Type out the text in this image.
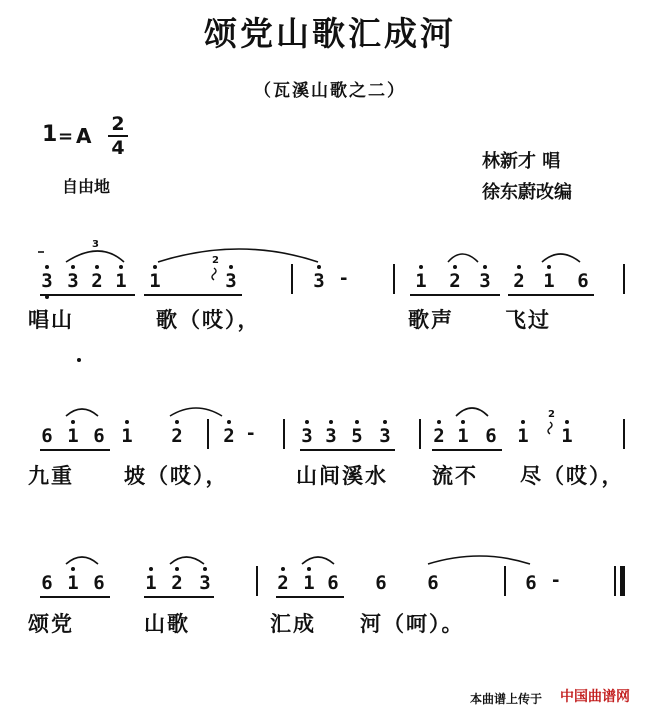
颂党山歌汇成河
（瓦溪山歌之二）
1 = A 2
4
自由地
林新才 唱
徐东蔚改编
3 3 2 1 1	3	3 -	1 2 3 2 1 6
唱山	歌（哎），	歌声 飞过
6 1 6 1 2 2 - 3 3 5 3 2 1 6 1 1
九重 坡（哎），	山间溪水 流不 尽（哎），
6 1 6 1 2 3	2 1 6 6 6	6 -
颂党	山歌	汇成 河（呵）。
3
2
2
本曲谱上传于 中国曲谱网
